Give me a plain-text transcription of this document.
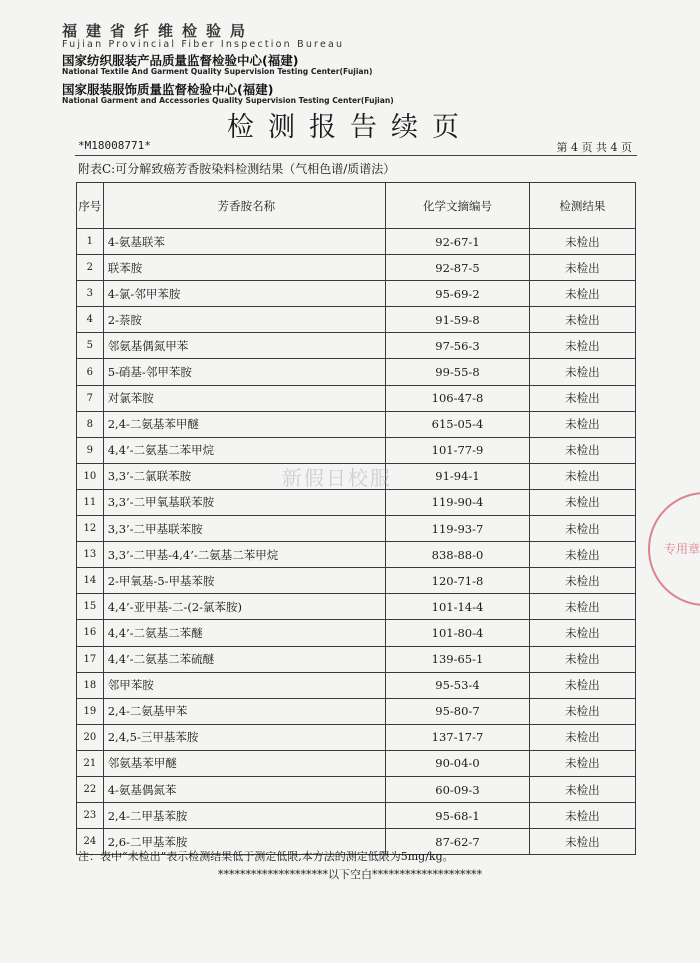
福建省纤维检验局
Fujian Provincial Fiber Inspection Bureau
国家纺织服装产品质量监督检验中心(福建)
National Textile And Garment Quality Supervision Testing Center(Fujian)
国家服装服饰质量监督检验中心(福建)
National Garment and Accessories Quality Supervision Testing Center(Fujian)
检测报告续页
*M18008771*	第 4 页 共 4 页
附表C:可分解致癌芳香胺染料检测结果（气相色谱/质谱法）
序号	芳香胺名称	化学文摘编号	检测结果
1	4-氨基联苯	92-67-1	未检出
2	联苯胺	92-87-5	未检出
3	4-氯-邻甲苯胺	95-69-2	未检出
4	2-萘胺	91-59-8	未检出
5	邻氨基偶氮甲苯	97-56-3	未检出
6	5-硝基-邻甲苯胺	99-55-8	未检出
7	对氯苯胺	106-47-8	未检出
8	2,4-二氨基苯甲醚	615-05-4	未检出
9	4,4’-二氨基二苯甲烷	101-77-9	未检出
10	3,3’-二氯联苯胺	91-94-1	未检出
11	3,3’-二甲氧基联苯胺	119-90-4	未检出
12	3,3’-二甲基联苯胺	119-93-7	未检出
13	3,3’-二甲基-4,4’-二氨基二苯甲烷	838-88-0	未检出
14	2-甲氧基-5-甲基苯胺	120-71-8	未检出
15	4,4’-亚甲基-二-(2-氯苯胺)	101-14-4	未检出
16	4,4’-二氨基二苯醚	101-80-4	未检出
17	4,4’-二氨基二苯硫醚	139-65-1	未检出
18	邻甲苯胺	95-53-4	未检出
19	2,4-二氨基甲苯	95-80-7	未检出
20	2,4,5-三甲基苯胺	137-17-7	未检出
21	邻氨基苯甲醚	90-04-0	未检出
22	4-氨基偶氮苯	60-09-3	未检出
23	2,4-二甲基苯胺	95-68-1	未检出
24	2,6-二甲基苯胺	87-62-7	未检出
注：表中“未检出”表示检测结果低于测定低限,本方法的测定低限为5mg/kg。
********************以下空白********************
新假日校服
专用章
